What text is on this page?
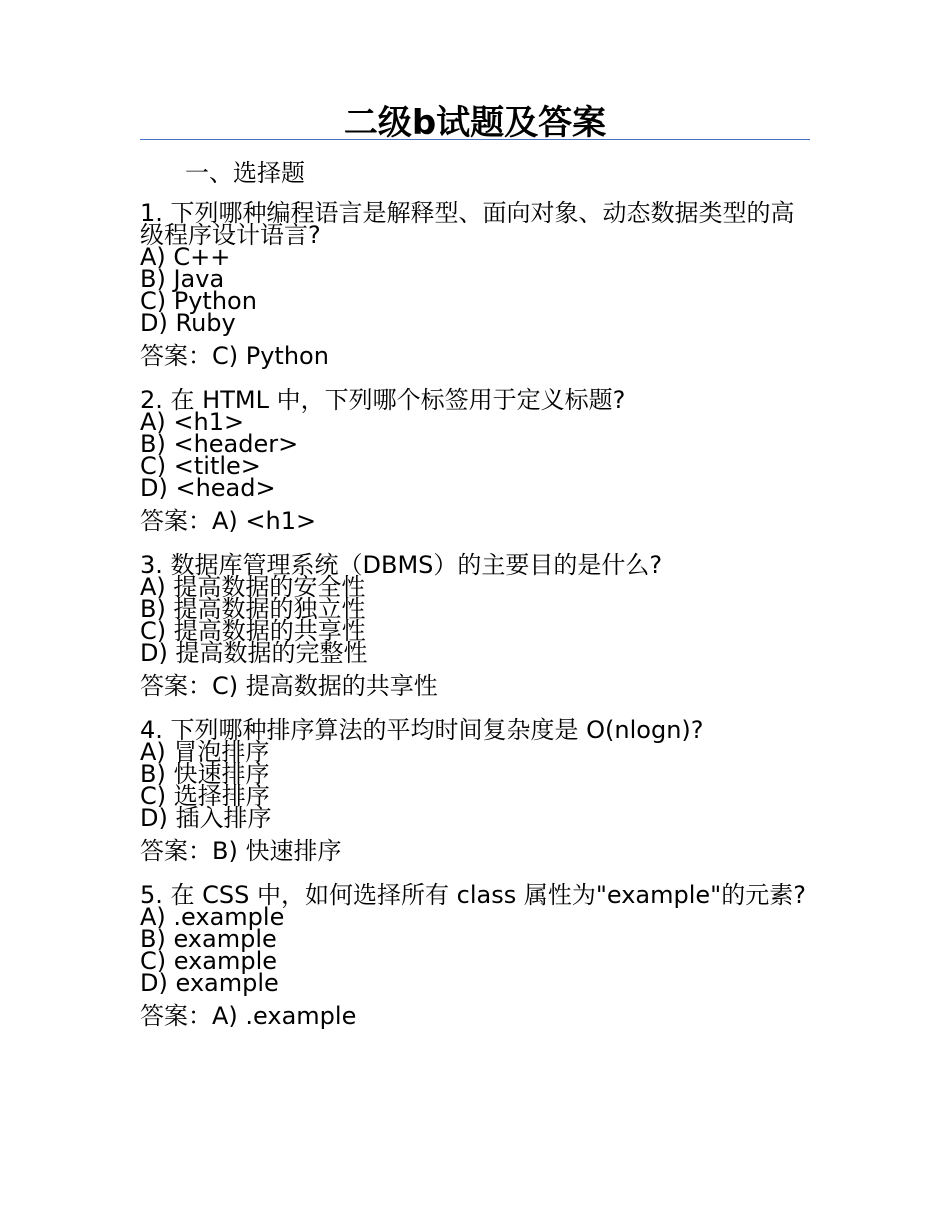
二级b试题及答案
一、选择题
1. 下列哪种编程语言是解释型、面向对象、动态数据类型的高级程序设计语言?
A) C++
B) Java
C) Python
D) Ruby
答案：C) Python
2. 在 HTML 中，下列哪个标签用于定义标题?
A) <h1>
B) <header>
C) <title>
D) <head>
答案：A) <h1>
3. 数据库管理系统（DBMS）的主要目的是什么?
A) 提高数据的安全性
B) 提高数据的独立性
C) 提高数据的共享性
D) 提高数据的完整性
答案：C) 提高数据的共享性
4. 下列哪种排序算法的平均时间复杂度是 O(nlogn)?
A) 冒泡排序
B) 快速排序
C) 选择排序
D) 插入排序
答案：B) 快速排序
5. 在 CSS 中，如何选择所有 class 属性为"example"的元素?
A) .example
B) example
C) example
D) example
答案：A) .example
